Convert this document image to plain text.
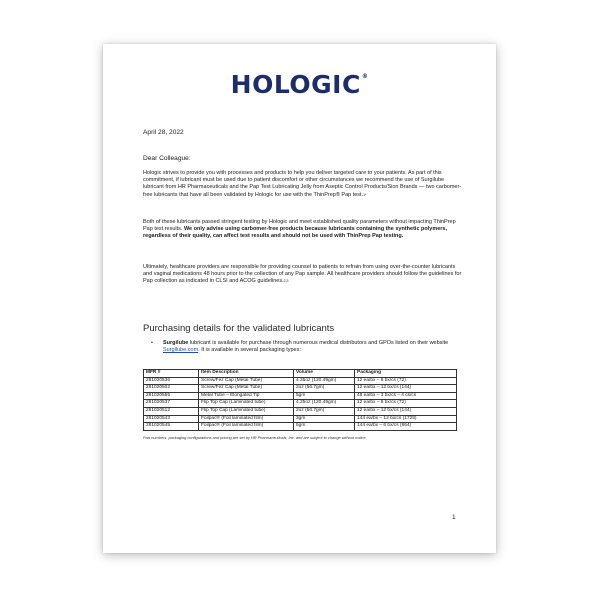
HOLOGIC®
April 28, 2022
Dear Colleague:
Hologic strives to provide you with processes and products to help you deliver targeted care to your patients. As part of this commitment, if lubricant must be used due to patient discomfort or other circumstances we recommend the use of Surgilube lubricant from HR Pharmaceuticals and the Pap Test Lubricating Jelly from Aseptic Control Products/Sion Brands — two carbomer-free lubricants that have all been validated by Hologic for use with the ThinPrep® Pap test.$^{1*}$
Both of these lubricants passed stringent testing by Hologic and meet established quality parameters without impacting ThinPrep Pap test results. We only advise using carbomer-free products because lubricants containing the synthetic polymers, regardless of their quality, can affect test results and should not be used with ThinPrep Pap testing.
Ultimately, healthcare providers are responsible for providing counsel to patients to refrain from using over-the-counter lubricants and vaginal medications 48 hours prior to the collection of any Pap sample. All healthcare providers should follow the guidelines for Pap collection as indicated in CLSI and ACOG guidelines.$^{2,3}$
Purchasing details for the validated lubricants
• Surgilube lubricant is available for purchase through numerous medical distributors and GPOs listed on their website Surgilube.com. It is available in several packaging types:
MFR #	Item Description	Volume	Packaging
281020536	Screw/Fez Cap (Metal Tube)	4.25oz (120.49gm)	12 ea/bx – 6 bx/cs (72)
281020502	Screw/Fez Cap (Metal Tube)	2oz (56.7gm)	12 ea/bx – 12 bx/cs (144)
281020555	Metal Tube – Elongated Tip	5gm	48 ea/bx – 3 bx/cs – 4 cs/cs
281020537	Flip Top Cap (Laminated tube)	4.25oz (120.49gm)	12 ea/bx – 6 bx/cs (72)
281020512	Flip Top Cap (Laminated tube)	2oz (56.7gm)	12 ea/bx – 12 bx/cs (144)
281020543	Foilpac® (Foil laminated film)	3gm	144 ea/bx – 12 bx/cs (1728)
281020545	Foilpac® (Foil laminated film)	5gm	144 ea/bx – 6 bx/cs (864)
Part numbers, packaging configurations and pricing are set by HR Pharmaceuticals, Inc. and are subject to change without notice.
1
